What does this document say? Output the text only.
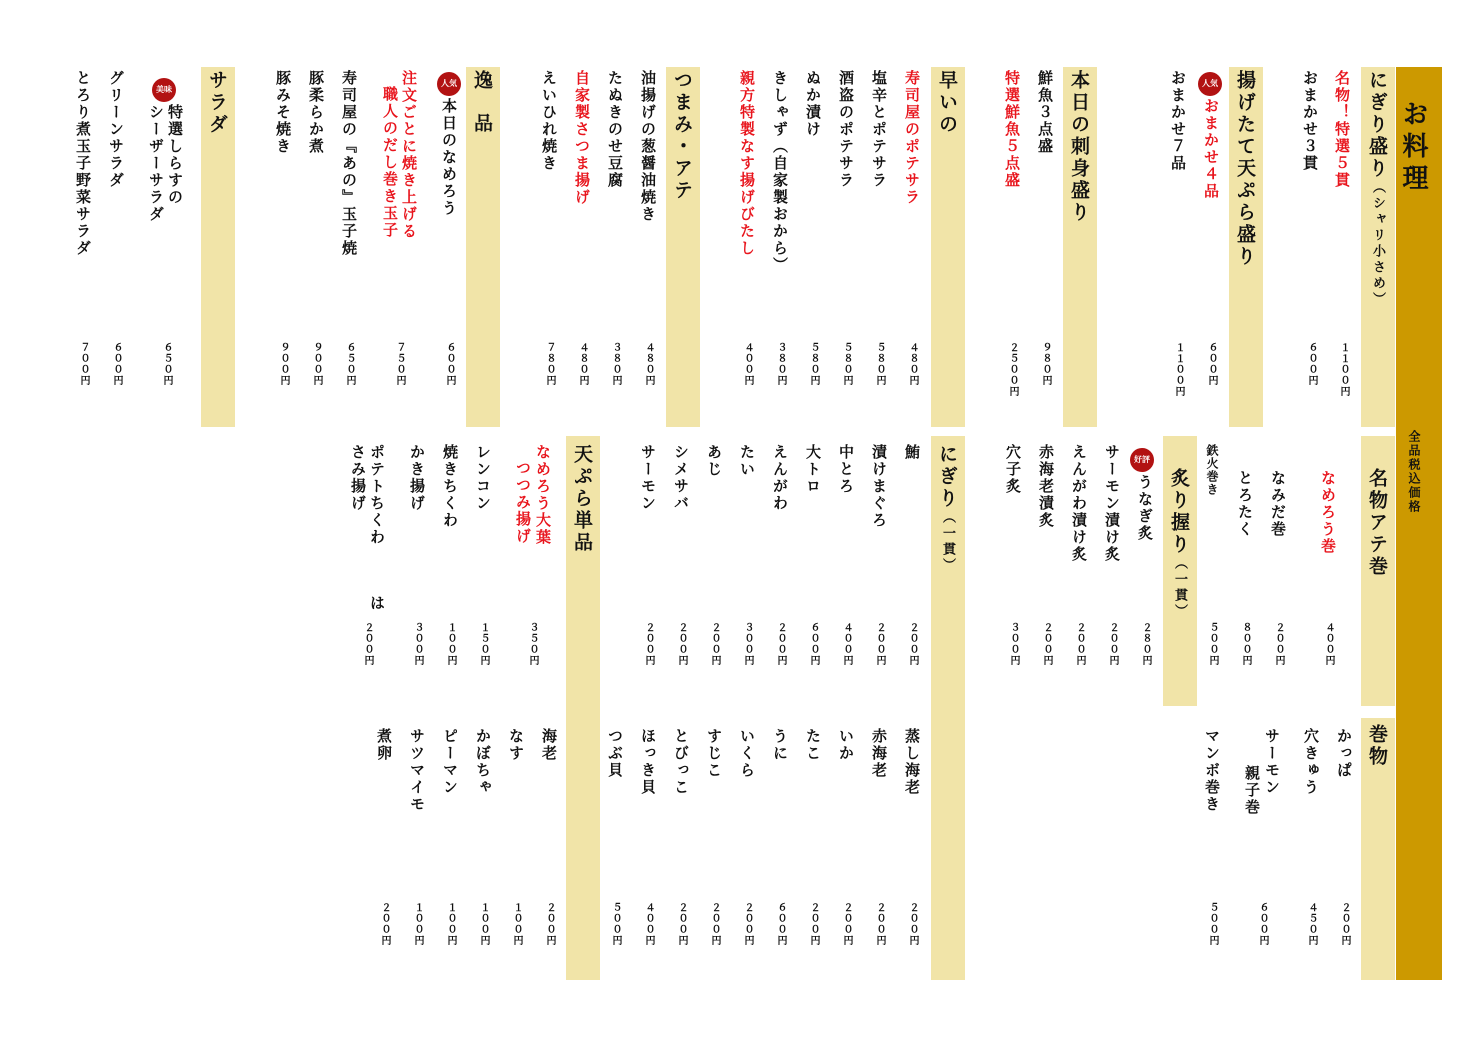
お料理
全品税込価格
にぎり盛り（シャリ小さめ）
名物！特選５貫
１１００円
おまかせ３貫
６００円
揚げたて天ぷら盛り
人気
おまかせ４品
６００円
おまかせ７品
１１００円
本日の刺身盛り
鮮魚３点盛
９８０円
特選鮮魚５点盛
２５００円
早いの
寿司屋のポテサラ
４８０円
塩辛とポテサラ
５８０円
酒盗のポテサラ
５８０円
ぬか漬け
５８０円
きしゃず（自家製おから）
３８０円
親方特製なす揚げびたし
４００円
つまみ・アテ
油揚げの葱醤油焼き
４８０円
たぬきのせ豆腐
３８０円
自家製さつま揚げ
４８０円
えいひれ焼き
７８０円
逸品
人気
本日のなめろう
６００円
注文ごとに焼き上げる
７５０円
職人のだし巻き玉子
寿司屋の『あの』玉子焼
６５０円
豚柔らか煮
９００円
豚みそ焼き
９００円
サラダ
美味
特選しらすの
６５０円
シーザーサラダ
グリーンサラダ
６００円
とろり煮玉子野菜サラダ
７００円
名物アテ巻
なめろう巻
４００円
なみだ巻
２００円
とろたく
８００円
鉄火巻き
５００円
炙り握り（一貫）
好評
うなぎ炙
２８０円
サーモン漬け炙
２００円
えんがわ漬け炙
２００円
赤海老漬炙
２００円
穴子炙
３００円
にぎり（一貫）
鮪
２００円
漬けまぐろ
２００円
中とろ
４００円
大トロ
６００円
えんがわ
２００円
たい
３００円
あじ
２００円
シメサバ
２００円
サーモン
２００円
蒸し海老
２００円
赤海老
２００円
いか
２００円
たこ
２００円
うに
６００円
いくら
２００円
すじこ
２００円
とびっこ
２００円
ほっき貝
４００円
つぶ貝
５００円
天ぷら単品
なめろう大葉
３５０円
つつみ揚げ
レンコン
１５０円
焼きちくわ
１００円
かき揚げ
３００円
ポテトちくわ
は
２００円
さみ揚げ
海老
２００円
なす
１００円
かぼちゃ
１００円
ピーマン
１００円
サツマイモ
１００円
煮卵
２００円
巻物
かっぱ
２００円
穴きゅう
４５０円
サーモン
６００円
親子巻
マンボ巻き
５００円
